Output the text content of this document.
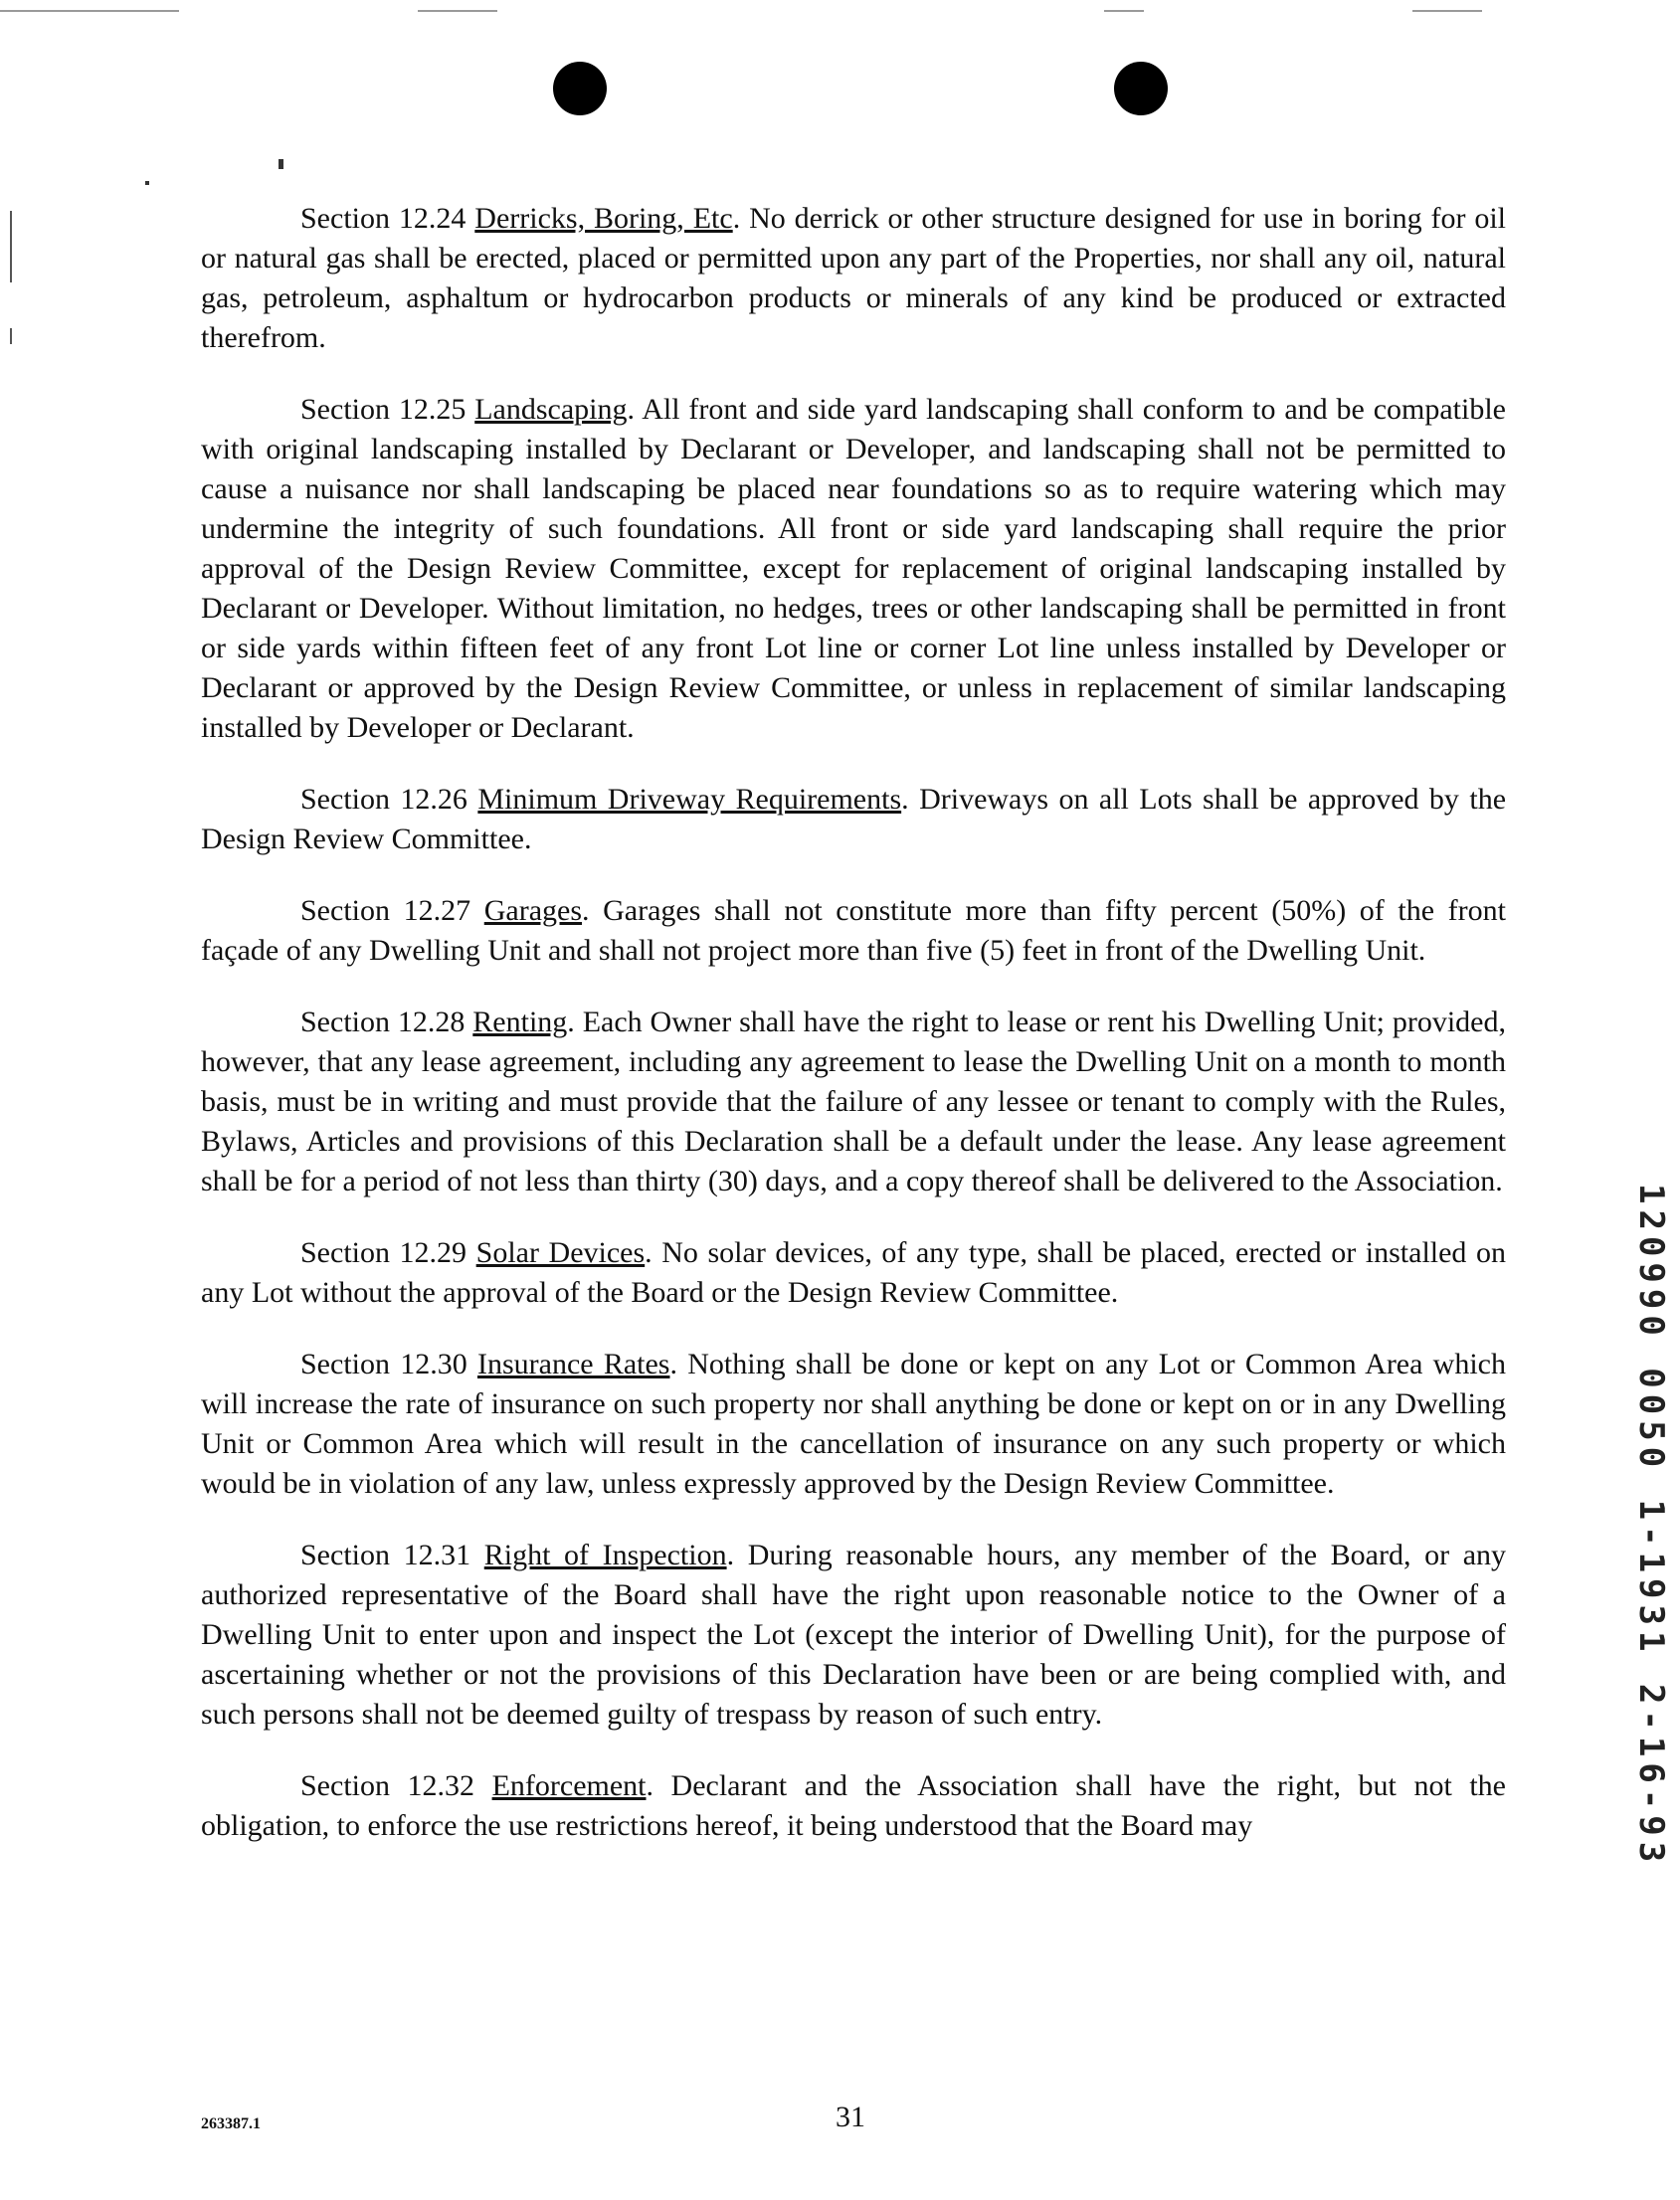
Section 12.24 Derricks, Boring, Etc. No derrick or other structure designed for use in boring for oil or natural gas shall be erected, placed or permitted upon any part of the Properties, nor shall any oil, natural gas, petroleum, asphaltum or hydrocarbon products or minerals of any kind be produced or extracted therefrom.

Section 12.25 Landscaping. All front and side yard landscaping shall conform to and be compatible with original landscaping installed by Declarant or Developer, and landscaping shall not be permitted to cause a nuisance nor shall landscaping be placed near foundations so as to require watering which may undermine the integrity of such foundations. All front or side yard landscaping shall require the prior approval of the Design Review Committee, except for replacement of original landscaping installed by Declarant or Developer. Without limitation, no hedges, trees or other landscaping shall be permitted in front or side yards within fifteen feet of any front Lot line or corner Lot line unless installed by Developer or Declarant or approved by the Design Review Committee, or unless in replacement of similar landscaping installed by Developer or Declarant.

Section 12.26 Minimum Driveway Requirements. Driveways on all Lots shall be approved by the Design Review Committee.

Section 12.27 Garages. Garages shall not constitute more than fifty percent (50%) of the front façade of any Dwelling Unit and shall not project more than five (5) feet in front of the Dwelling Unit.

Section 12.28 Renting. Each Owner shall have the right to lease or rent his Dwelling Unit; provided, however, that any lease agreement, including any agreement to lease the Dwelling Unit on a month to month basis, must be in writing and must provide that the failure of any lessee or tenant to comply with the Rules, Bylaws, Articles and provisions of this Declaration shall be a default under the lease. Any lease agreement shall be for a period of not less than thirty (30) days, and a copy thereof shall be delivered to the Association.

Section 12.29 Solar Devices. No solar devices, of any type, shall be placed, erected or installed on any Lot without the approval of the Board or the Design Review Committee.

Section 12.30 Insurance Rates. Nothing shall be done or kept on any Lot or Common Area which will increase the rate of insurance on such property nor shall anything be done or kept on or in any Dwelling Unit or Common Area which will result in the cancellation of insurance on any such property or which would be in violation of any law, unless expressly approved by the Design Review Committee.

Section 12.31 Right of Inspection. During reasonable hours, any member of the Board, or any authorized representative of the Board shall have the right upon reasonable notice to the Owner of a Dwelling Unit to enter upon and inspect the Lot (except the interior of Dwelling Unit), for the purpose of ascertaining whether or not the provisions of this Declaration have been or are being complied with, and such persons shall not be deemed guilty of trespass by reason of such entry.

Section 12.32 Enforcement. Declarant and the Association shall have the right, but not the obligation, to enforce the use restrictions hereof, it being understood that the Board may	120990 0050 1-1931 2-16-93
263387.1	31
